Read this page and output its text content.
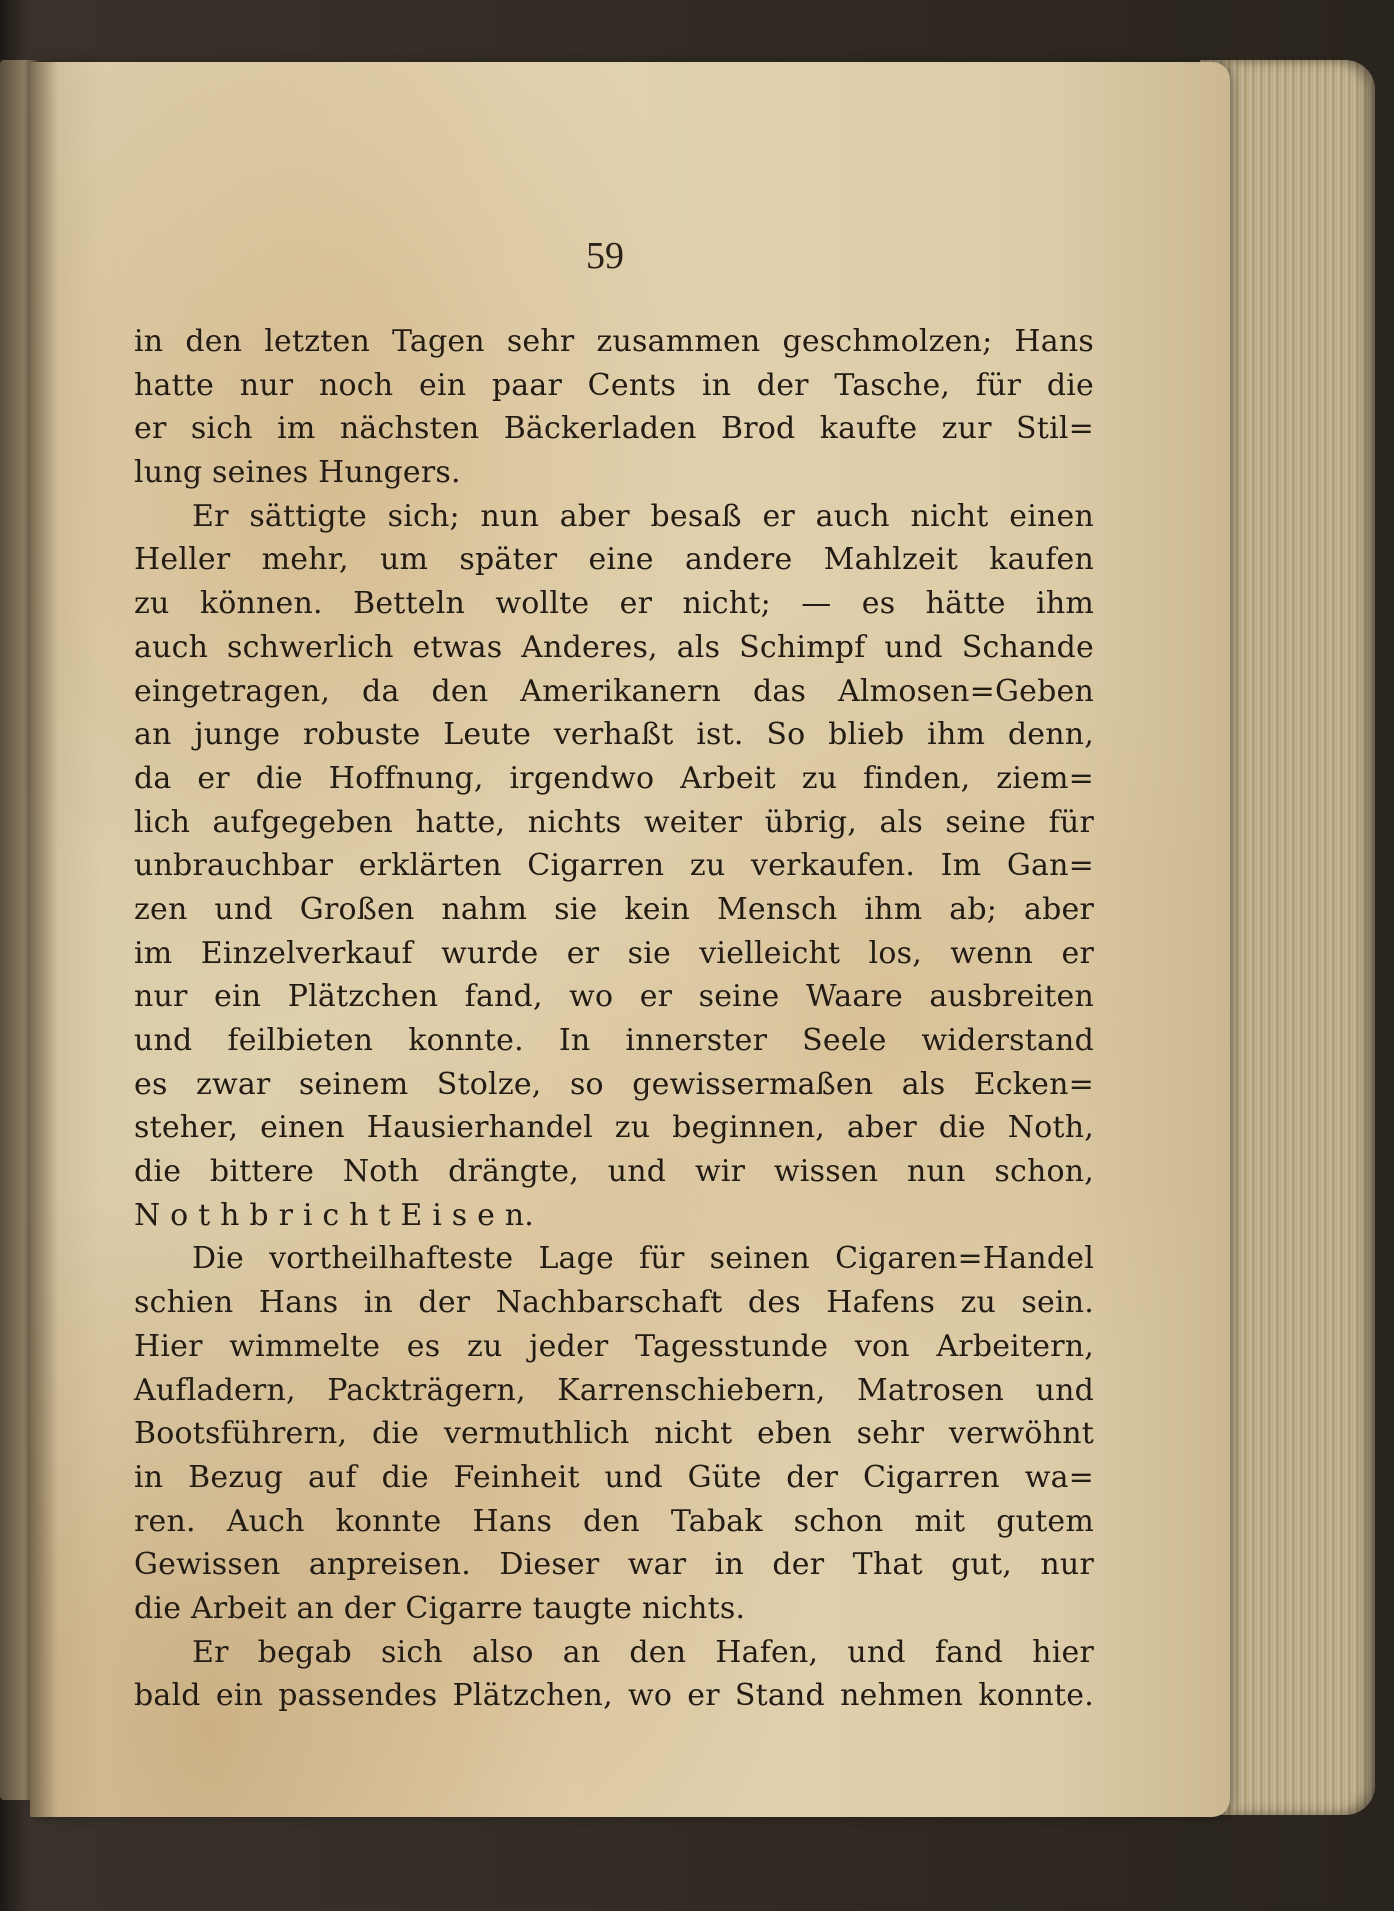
59

in den letzten Tagen sehr zusammen geschmolzen; Hans
hatte nur noch ein paar Cents in der Tasche, für die
er sich im nächsten Bäckerladen Brod kaufte zur Stil=
lung seines Hungers.
Er sättigte sich; nun aber besaß er auch nicht einen
Heller mehr, um später eine andere Mahlzeit kaufen
zu können. Betteln wollte er nicht; — es hätte ihm
auch schwerlich etwas Anderes, als Schimpf und Schande
eingetragen, da den Amerikanern das Almosen=Geben
an junge robuste Leute verhaßt ist. So blieb ihm denn,
da er die Hoffnung, irgendwo Arbeit zu finden, ziem=
lich aufgegeben hatte, nichts weiter übrig, als seine für
unbrauchbar erklärten Cigarren zu verkaufen. Im Gan=
zen und Großen nahm sie kein Mensch ihm ab; aber
im Einzelverkauf wurde er sie vielleicht los, wenn er
nur ein Plätzchen fand, wo er seine Waare ausbreiten
und feilbieten konnte. In innerster Seele widerstand
es zwar seinem Stolze, so gewissermaßen als Ecken=
steher, einen Hausierhandel zu beginnen, aber die Noth,
die bittere Noth drängte, und wir wissen nun schon,
N o t h b r i c h t E i s e n.
Die vortheilhafteste Lage für seinen Cigaren=Handel
schien Hans in der Nachbarschaft des Hafens zu sein.
Hier wimmelte es zu jeder Tagesstunde von Arbeitern,
Aufladern, Packträgern, Karrenschiebern, Matrosen und
Bootsführern, die vermuthlich nicht eben sehr verwöhnt
in Bezug auf die Feinheit und Güte der Cigarren wa=
ren. Auch konnte Hans den Tabak schon mit gutem
Gewissen anpreisen. Dieser war in der That gut, nur
die Arbeit an der Cigarre taugte nichts.
Er begab sich also an den Hafen, und fand hier
bald ein passendes Plätzchen, wo er Stand nehmen konnte.
